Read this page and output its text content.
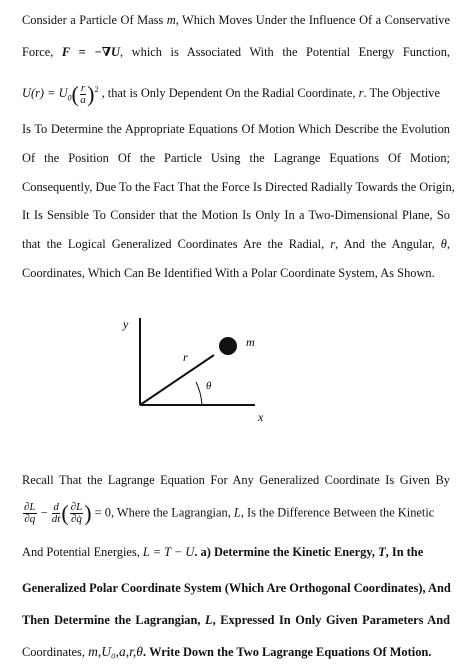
Consider a Particle Of Mass m, Which Moves Under the Influence Of a Conservative
Force, F = −∇U, which is Associated With the Potential Energy Function,
$U(r) = U_0( \frac{r}{a} )^2$ , that is Only Dependent On the Radial Coordinate, r. The Objective
Is To Determine the Appropriate Equations Of Motion Which Describe the Evolution
Of the Position Of the Particle Using the Lagrange Equations Of Motion;
Consequently, Due To the Fact That the Force Is Directed Radially Towards the Origin,
It Is Sensible To Consider that the Motion Is Only In a Two-Dimensional Plane, So
that the Logical Generalized Coordinates Are the Radial, r, And the Angular, θ,
Coordinates, Which Can Be Identified With a Polar Coordinate System, As Shown.
y
x
r
θ
m
Recall That the Lagrange Equation For Any Generalized Coordinate Is Given By
$\frac{\partial L}{\partial q} - \frac{d}{dt}$ ( $\frac{\partial L}{\partial q̇}$ ) = 0, Where the Lagrangian, L, Is the Difference Between the Kinetic
And Potential Energies, L = T − U. a) Determine the Kinetic Energy, T, In the
Generalized Polar Coordinate System (Which Are Orthogonal Coordinates), And
Then Determine the Lagrangian, L, Expressed In Only Given Parameters And
Coordinates, m,U₀,a,r,θ. Write Down the Two Lagrange Equations Of Motion.
